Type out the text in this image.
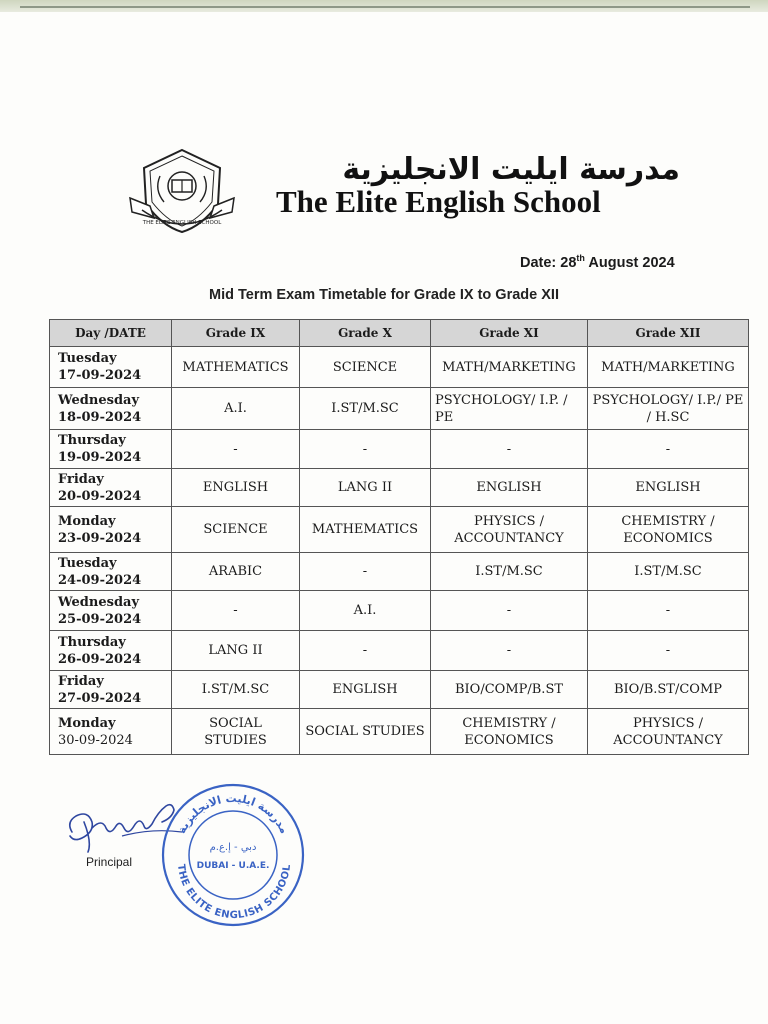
THE ELITE ENGLISH SCHOOL
مدرسة ايليت الانجليزية
The Elite English School
Date: 28th August 2024
Mid Term Exam Timetable for Grade IX to Grade XII
Day /DATE	Grade IX	Grade X	Grade XI	Grade XII

Tuesday
17-09-2024	MATHEMATICS	SCIENCE	MATH/MARKETING	MATH/MARKETING

Wednesday
18-09-2024	A.I.	I.ST/M.SC	PSYCHOLOGY/ I.P. / PE	PSYCHOLOGY/ I.P./ PE / H.SC

Thursday
19-09-2024	-	-	-	-

Friday
20-09-2024	ENGLISH	LANG II	ENGLISH	ENGLISH

Monday
23-09-2024	SCIENCE	MATHEMATICS	PHYSICS / ACCOUNTANCY	CHEMISTRY / ECONOMICS

Tuesday
24-09-2024	ARABIC	-	I.ST/M.SC	I.ST/M.SC

Wednesday
25-09-2024	-	A.I.	-	-

Thursday
26-09-2024	LANG II	-	-	-

Friday
27-09-2024	I.ST/M.SC	ENGLISH	BIO/COMP/B.ST	BIO/B.ST/COMP

Monday
30-09-2024	SOCIAL STUDIES	SOCIAL STUDIES	CHEMISTRY / ECONOMICS	PHYSICS / ACCOUNTANCY
Principal
مدرسة ايليت الانجليزية
THE ELITE ENGLISH SCHOOL
دبي - إ.ع.م
DUBAI - U.A.E.
